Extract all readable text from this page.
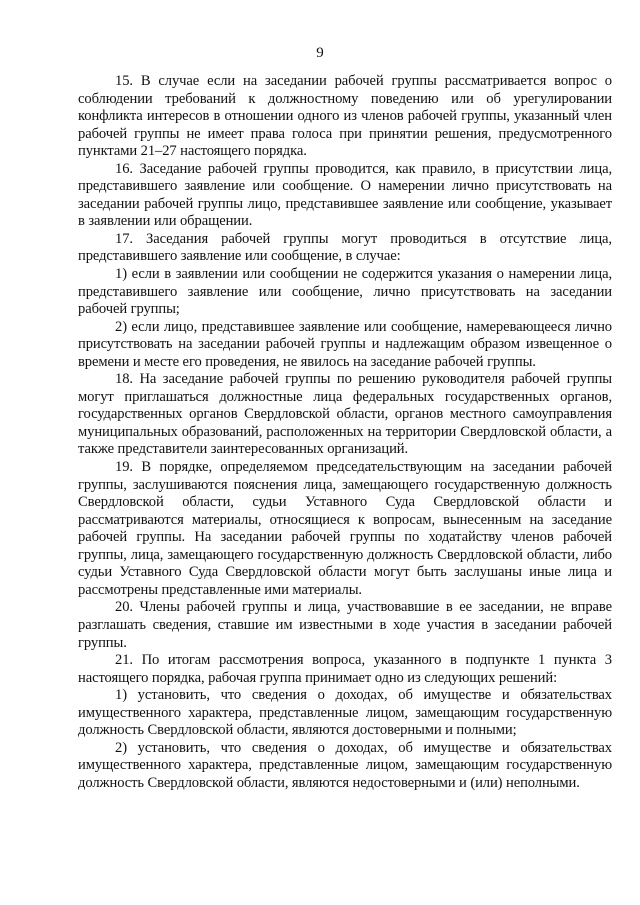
9

15. В случае если на заседании рабочей группы рассматривается вопрос о соблюдении требований к должностному поведению или об урегулировании конфликта интересов в отношении одного из членов рабочей группы, указанный член рабочей группы не имеет права голоса при принятии решения, предусмотренного пунктами 21–27 настоящего порядка.

16. Заседание рабочей группы проводится, как правило, в присутствии лица, представившего заявление или сообщение. О намерении лично присутствовать на заседании рабочей группы лицо, представившее заявление или сообщение, указывает в заявлении или обращении.

17. Заседания рабочей группы могут проводиться в отсутствие лица, представившего заявление или сообщение, в случае:

1) если в заявлении или сообщении не содержится указания о намерении лица, представившего заявление или сообщение, лично присутствовать на заседании рабочей группы;

2) если лицо, представившее заявление или сообщение, намеревающееся лично присутствовать на заседании рабочей группы и надлежащим образом извещенное о времени и месте его проведения, не явилось на заседание рабочей группы.

18. На заседание рабочей группы по решению руководителя рабочей группы могут приглашаться должностные лица федеральных государственных органов, государственных органов Свердловской области, органов местного самоуправления муниципальных образований, расположенных на территории Свердловской области, а также представители заинтересованных организаций.

19. В порядке, определяемом председательствующим на заседании рабочей группы, заслушиваются пояснения лица, замещающего государственную должность Свердловской области, судьи Уставного Суда Свердловской области и рассматриваются материалы, относящиеся к вопросам, вынесенным на заседание рабочей группы. На заседании рабочей группы по ходатайству членов рабочей группы, лица, замещающего государственную должность Свердловской области, либо судьи Уставного Суда Свердловской области могут быть заслушаны иные лица и рассмотрены представленные ими материалы.

20. Члены рабочей группы и лица, участвовавшие в ее заседании, не вправе разглашать сведения, ставшие им известными в ходе участия в заседании рабочей группы.

21. По итогам рассмотрения вопроса, указанного в подпункте 1 пункта 3 настоящего порядка, рабочая группа принимает одно из следующих решений:

1) установить, что сведения о доходах, об имуществе и обязательствах имущественного характера, представленные лицом, замещающим государственную должность Свердловской области, являются достоверными и полными;

2) установить, что сведения о доходах, об имуществе и обязательствах имущественного характера, представленные лицом, замещающим государственную должность Свердловской области, являются недостоверными и (или) неполными.
